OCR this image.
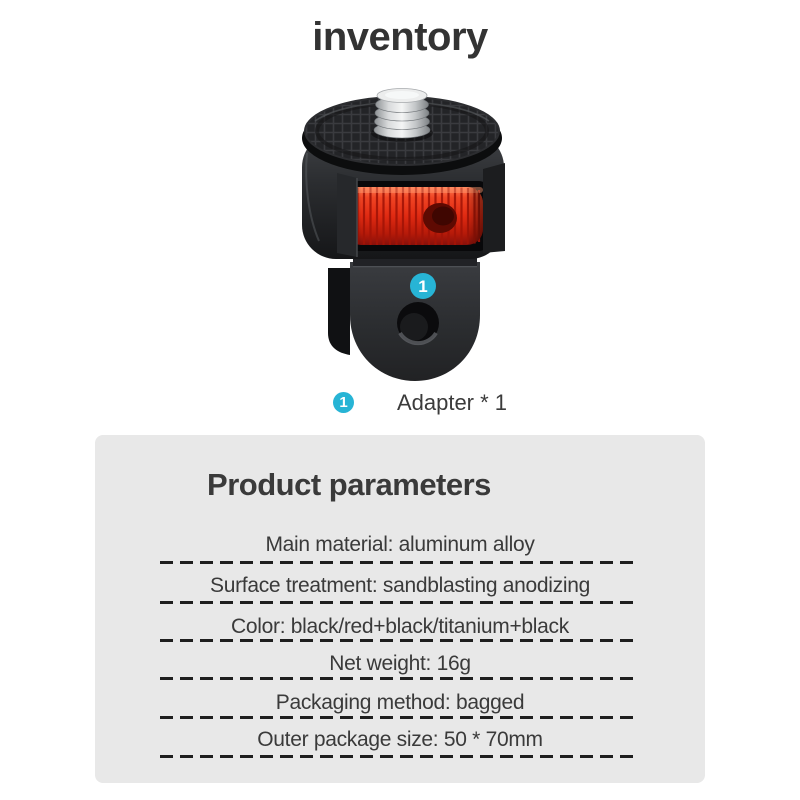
inventory
1
1	Adapter * 1
Product parameters
Main material: aluminum alloy
Surface treatment: sandblasting anodizing
Color: black/red+black/titanium+black
Net weight: 16g
Packaging method: bagged
Outer package size: 50 * 70mm
